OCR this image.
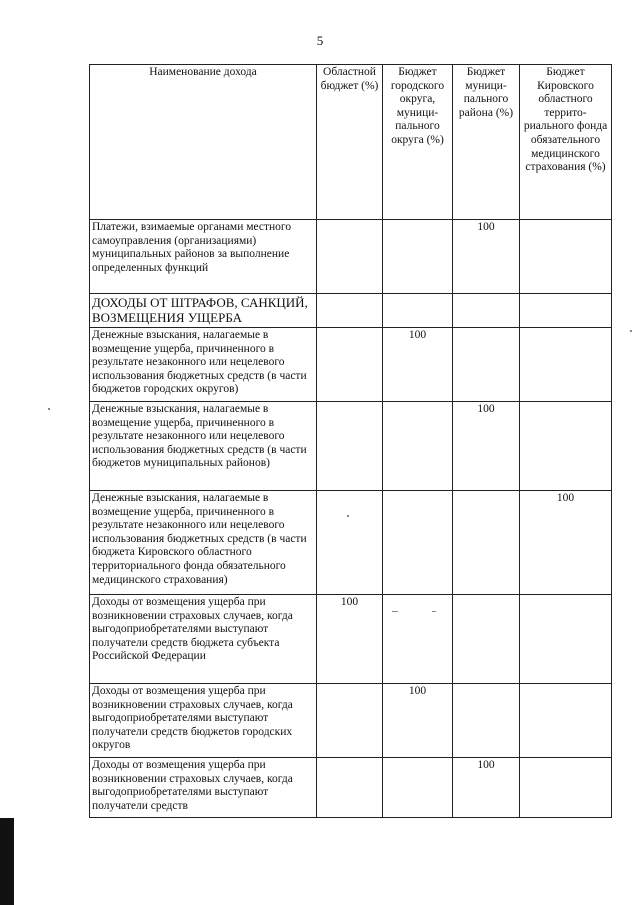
5
Наименование дохода	Областной бюджет (%)	Бюджет городского округа, муници-пального округа (%)	Бюджет муници-пального района (%)	Бюджет Кировского областного террито-риального фонда обязательного медицинского страхования (%)
Платежи, взимаемые органами местного самоуправления (организациями) муниципальных районов за выполнение определенных функций			100	
ДОХОДЫ ОТ ШТРАФОВ, САНКЦИЙ, ВОЗМЕЩЕНИЯ УЩЕРБА				
Денежные взыскания, налагаемые в возмещение ущерба, причиненного в результате незаконного или нецелевого использования бюджетных средств (в части бюджетов городских округов)		100		
Денежные взыскания, налагаемые в возмещение ущерба, причиненного в результате незаконного или нецелевого использования бюджетных средств (в части бюджетов муниципальных районов)			100	
Денежные взыскания, налагаемые в возмещение ущерба, причиненного в результате незаконного или нецелевого использования бюджетных средств (в части бюджета Кировского областного территориального фонда обязательного медицинского страхования)				100
Доходы от возмещения ущерба при возникновении страховых случаев, когда выгодоприобретателями выступают получатели средств бюджета субъекта Российской Федерации	100			
Доходы от возмещения ущерба при возникновении страховых случаев, когда выгодоприобретателями выступают получатели средств бюджетов городских округов		100		
Доходы от возмещения ущерба при возникновении страховых случаев, когда выгодоприобретателями выступают получатели средств			100	
